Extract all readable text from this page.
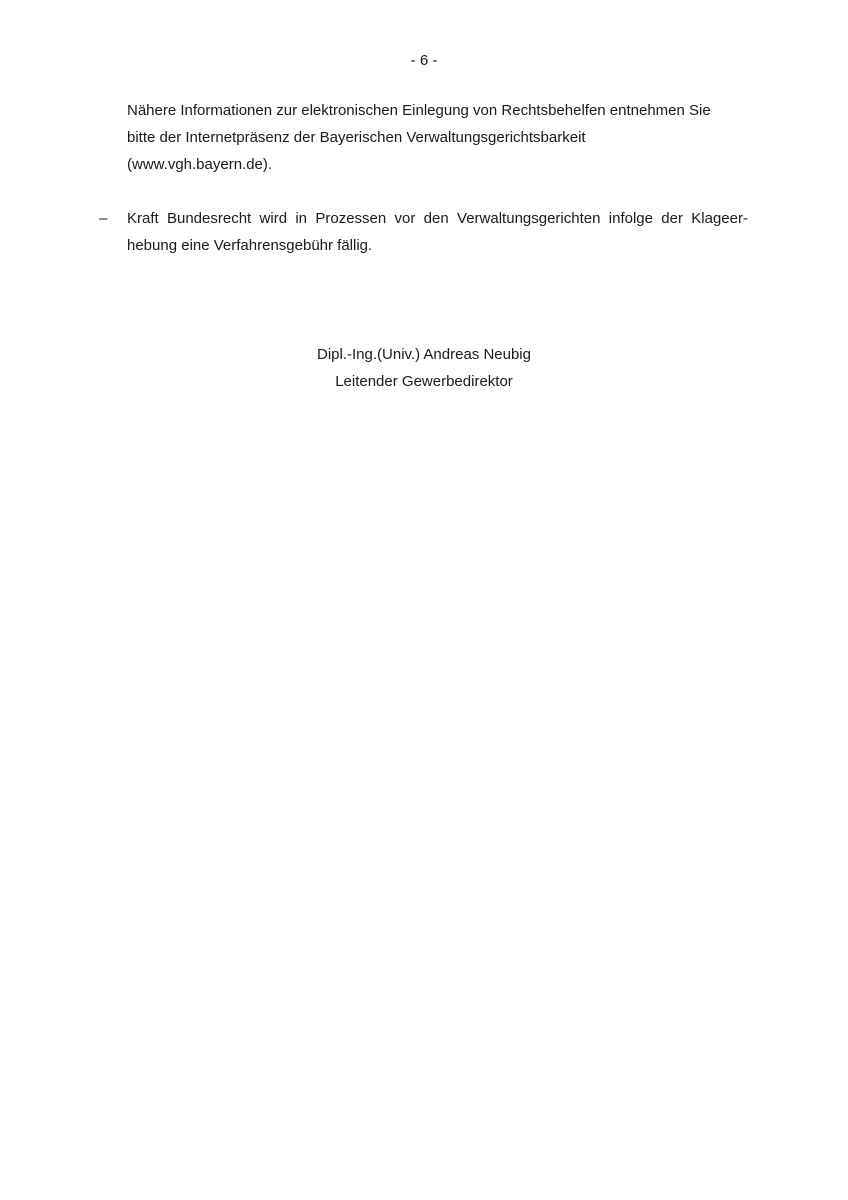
- 6 -
Nähere Informationen zur elektronischen Einlegung von Rechtsbehelfen entnehmen Sie
bitte der Internetpräsenz der Bayerischen Verwaltungsgerichtsbarkeit
(www.vgh.bayern.de).
– Kraft Bundesrecht wird in Prozessen vor den Verwaltungsgerichten infolge der Klageer-
hebung eine Verfahrensgebühr fällig.
Dipl.-Ing.(Univ.) Andreas Neubig
Leitender Gewerbedirektor
